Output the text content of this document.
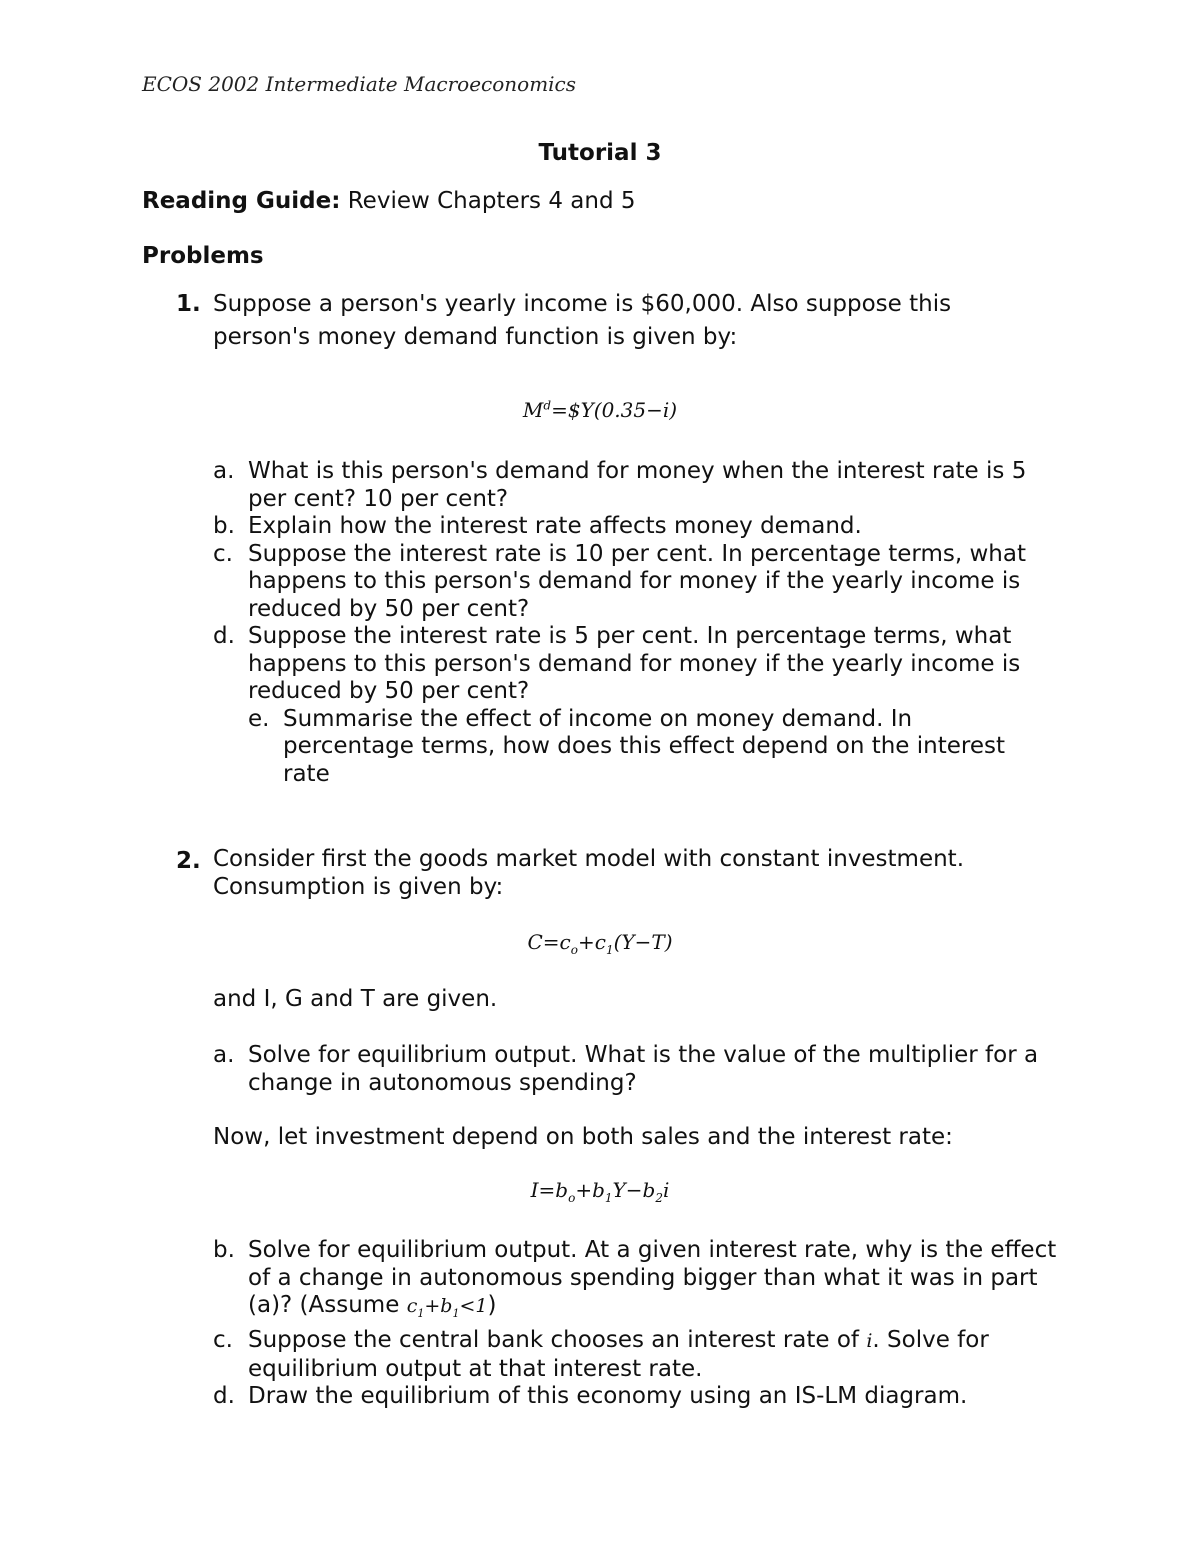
ECOS 2002 Intermediate Macroeconomics
Tutorial 3
Reading Guide: Review Chapters 4 and 5
Problems
1. Suppose a person's yearly income is $60,000. Also suppose this
person's money demand function is given by:
$M^d=\$Y(0.35-i)$
a. What is this person's demand for money when the interest rate is 5 per cent? 10 per cent?
b. Explain how the interest rate affects money demand.
c. Suppose the interest rate is 10 per cent. In percentage terms, what happens to this person's demand for money if the yearly income is reduced by 50 per cent?
d. Suppose the interest rate is 5 per cent. In percentage terms, what happens to this person's demand for money if the yearly income is reduced by 50 per cent?
e. Summarise the effect of income on money demand. In percentage terms, how does this effect depend on the interest rate
2. Consider first the goods market model with constant investment.
Consumption is given by:
$C=c_o+c_1(Y-T)$
and I, G and T are given.
a. Solve for equilibrium output. What is the value of the multiplier for a change in autonomous spending?
Now, let investment depend on both sales and the interest rate:
$I=b_o+b_1Y-b_2i$
b. Solve for equilibrium output. At a given interest rate, why is the effect of a change in autonomous spending bigger than what it was in part (a)? (Assume $c_1+b_1<1$)
c. Suppose the central bank chooses an interest rate of i. Solve for equilibrium output at that interest rate.
d. Draw the equilibrium of this economy using an IS-LM diagram.
